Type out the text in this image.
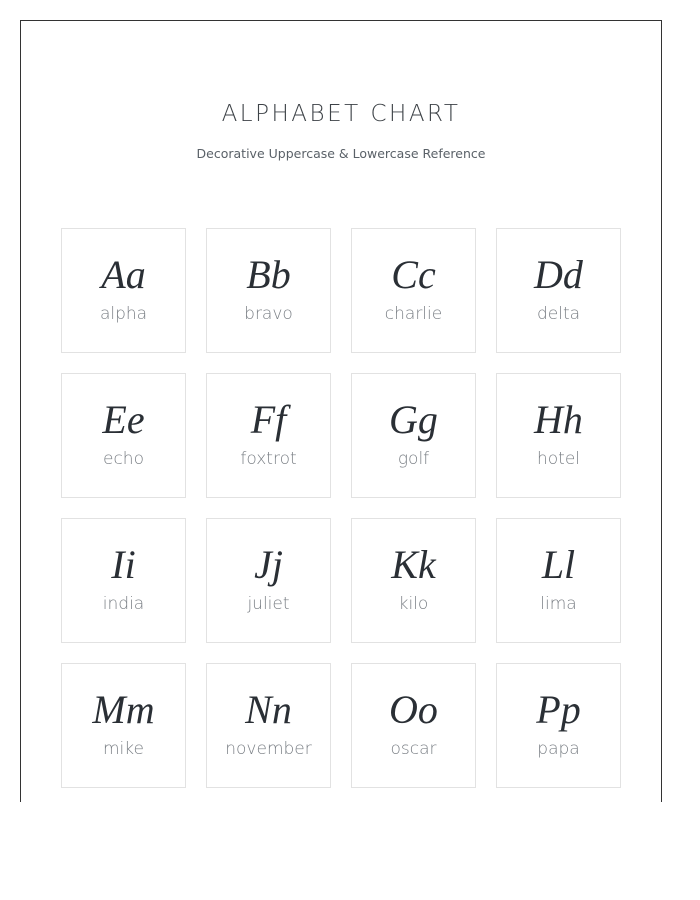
ALPHABET CHART
Decorative Uppercase & Lowercase Reference
Aa
alpha
Bb
bravo
Cc
charlie
Dd
delta
Ee
echo
Ff
foxtrot
Gg
golf
Hh
hotel
Ii
india
Jj
juliet
Kk
kilo
Ll
lima
Mm
mike
Nn
november
Oo
oscar
Pp
papa
